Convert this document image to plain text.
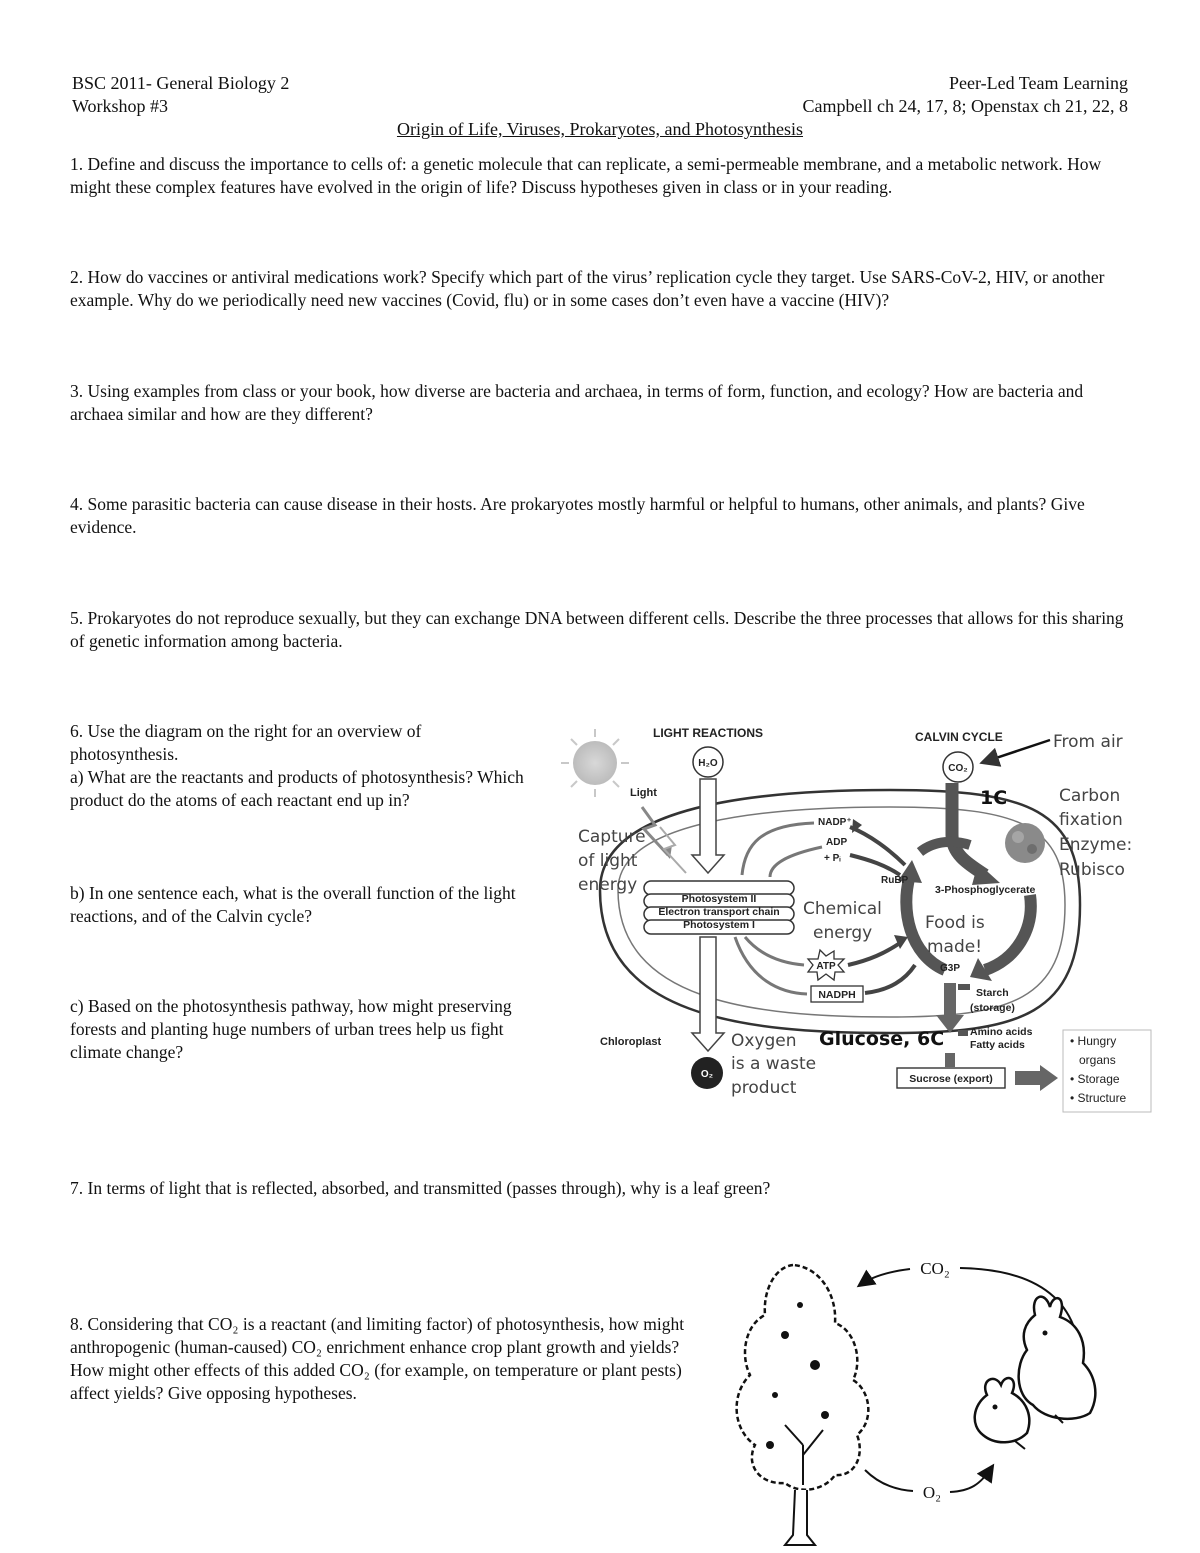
BSC 2011- General Biology 2
Workshop #3
Peer-Led Team Learning
Campbell ch 24, 17, 8; Openstax ch 21, 22, 8
Origin of Life, Viruses, Prokaryotes, and Photosynthesis
1. Define and discuss the importance to cells of: a genetic molecule that can replicate, a semi-permeable membrane, and a metabolic network. How might these complex features have evolved in the origin of life? Discuss hypotheses given in class or in your reading.
2. How do vaccines or antiviral medications work? Specify which part of the virus’ replication cycle they target. Use SARS-CoV-2, HIV, or another example. Why do we periodically need new vaccines (Covid, flu) or in some cases don’t even have a vaccine (HIV)?
3. Using examples from class or your book, how diverse are bacteria and archaea, in terms of form, function, and ecology? How are bacteria and archaea similar and how are they different?
4. Some parasitic bacteria can cause disease in their hosts. Are prokaryotes mostly harmful or helpful to humans, other animals, and plants? Give evidence.
5. Prokaryotes do not reproduce sexually, but they can exchange DNA between different cells. Describe the three processes that allows for this sharing of genetic information among bacteria.
6. Use the diagram on the right for an overview of photosynthesis.
a) What are the reactants and products of photosynthesis? Which product do the atoms of each reactant end up in?
b) In one sentence each, what is the overall function of the light reactions, and of the Calvin cycle?
c) Based on the photosynthesis pathway, how might preserving forests and planting huge numbers of urban trees help us fight climate change?
7. In terms of light that is reflected, absorbed, and transmitted (passes through), why is a leaf green?
8. Considering that CO₂ is a reactant (and limiting factor) of photosynthesis, how might anthropogenic (human-caused) CO₂ enrichment enhance crop plant growth and yields? How might other effects of this added CO₂ (for example, on temperature or plant pests) affect yields? Give opposing hypotheses.
LIGHT REACTIONS	CALVIN CYCLE
H₂O	CO₂
From air
1C	Carbon
fixation
Enzyme:
Rubisco
Light
Capture
of light
energy
Photosystem II
Electron transport chain
Photosystem I
NADP⁺
ADP
+ Pᵢ
RuBP
3-Phosphoglycerate
G3P
Chemical
energy	Food is
made!
ATP
NADPH
O₂
Chloroplast	Oxygen
is a waste
product
Glucose, 6C
Starch
(storage)
Amino acids
Fatty acids
Sucrose (export)
• Hungry
organs
• Storage
• Structure
CO₂
O₂
